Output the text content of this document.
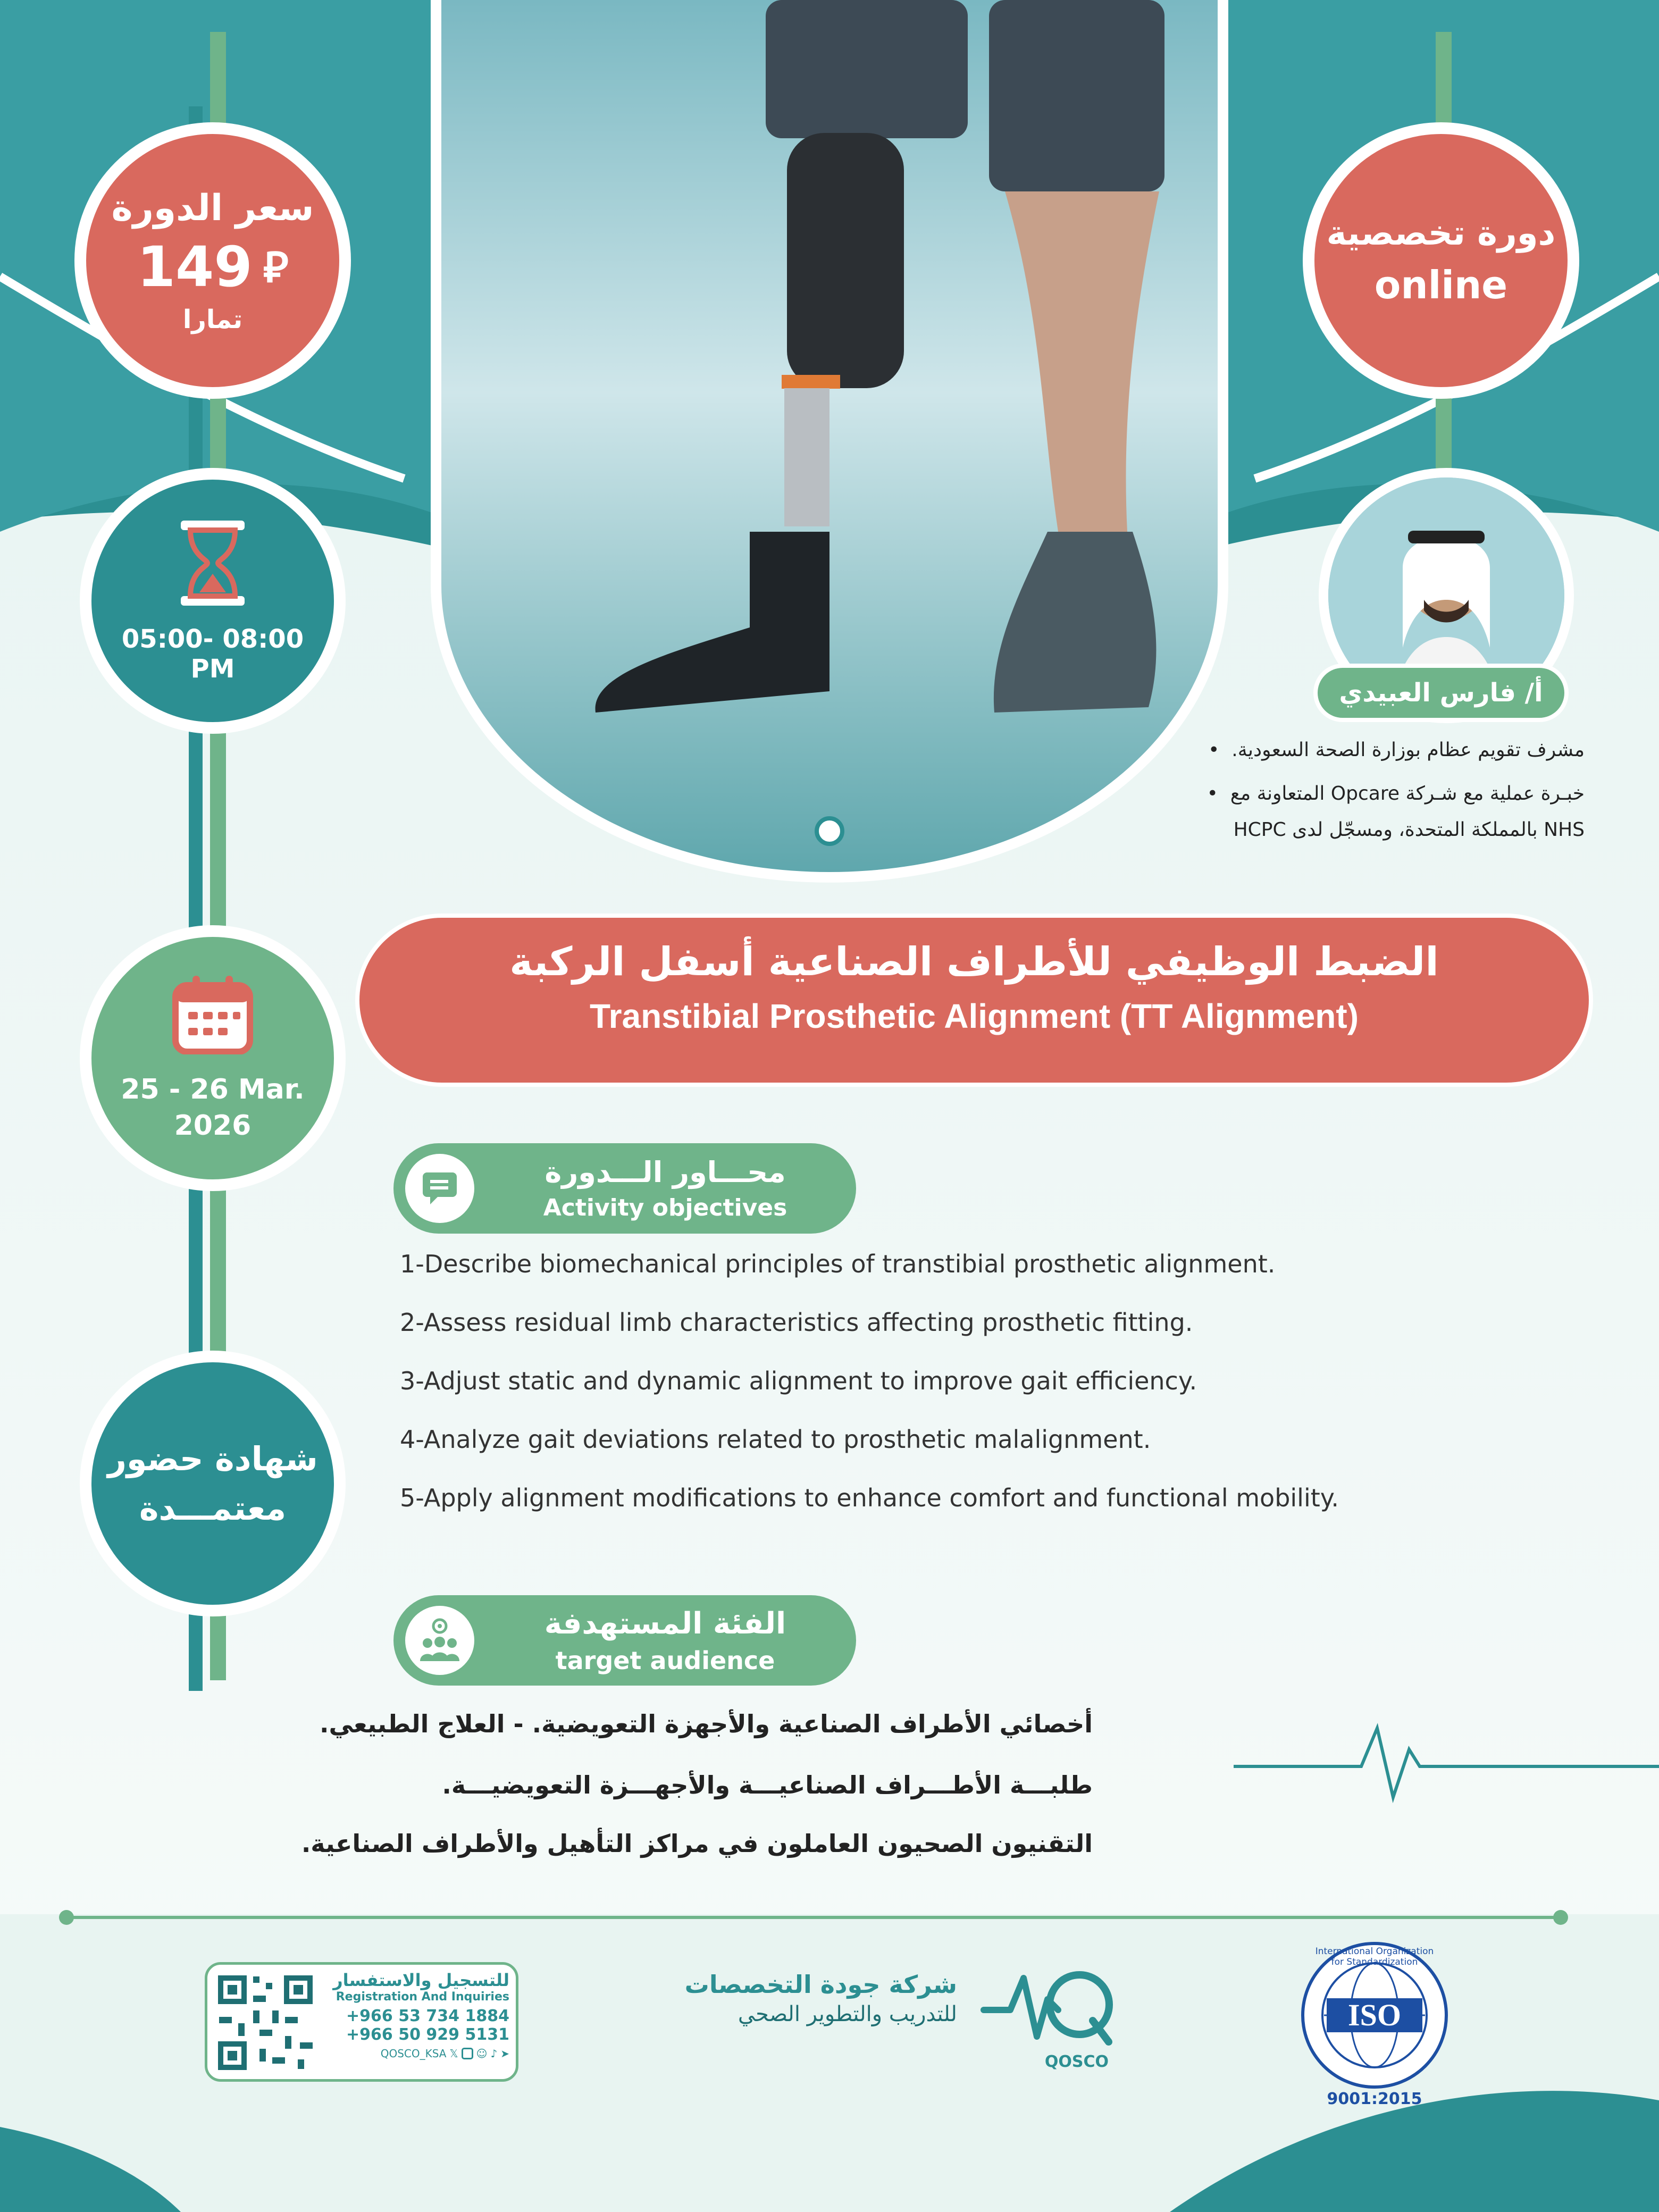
سعر الدورة
149 ⃁
تمارا
دورة تخصصية
online
05:00- 08:00
PM
25 - 26 Mar.
2026
شهادة حضور
معتمـــدة
أ/ فارس العبيدي
مشرف تقويم عظام بوزارة الصحة السعودية.  •
خبـرة عملية مع شـركة Opcare المتعاونة مع  •
NHS بالمملكة المتحدة، ومسجّل لدى HCPC
الضبط الوظيفي للأطراف الصناعية أسفل الركبة
Transtibial Prosthetic Alignment (TT Alignment)
محـــاور الـــدورة
Activity objectives
1-Describe biomechanical principles of transtibial prosthetic alignment.
2-Assess residual limb characteristics affecting prosthetic fitting.
3-Adjust static and dynamic alignment to improve gait efficiency.
4-Analyze gait deviations related to prosthetic malalignment.
5-Apply alignment modifications to enhance comfort and functional mobility.
الفئة المستهدفة
target audience
أخصائي الأطراف الصناعية والأجهزة التعويضية. - العلاج الطبيعي.
طلبـــة الأطـــراف الصناعيـــة والأجهـــزة التعويضيـــة.
التقنيون الصحيون العاملون في مراكز التأهيل والأطراف الصناعية.
للتسجيل والاستفسار
Registration And Inquiries
+966 53 734 1884
+966 50 929 5131
QOSCO_KSA 𝕏 ☺ ♪ ➤
شركة جودة التخصصات
للتدريب والتطوير الصحي
QOSCO
ISO
International Organization for Standardization
9001:2015
